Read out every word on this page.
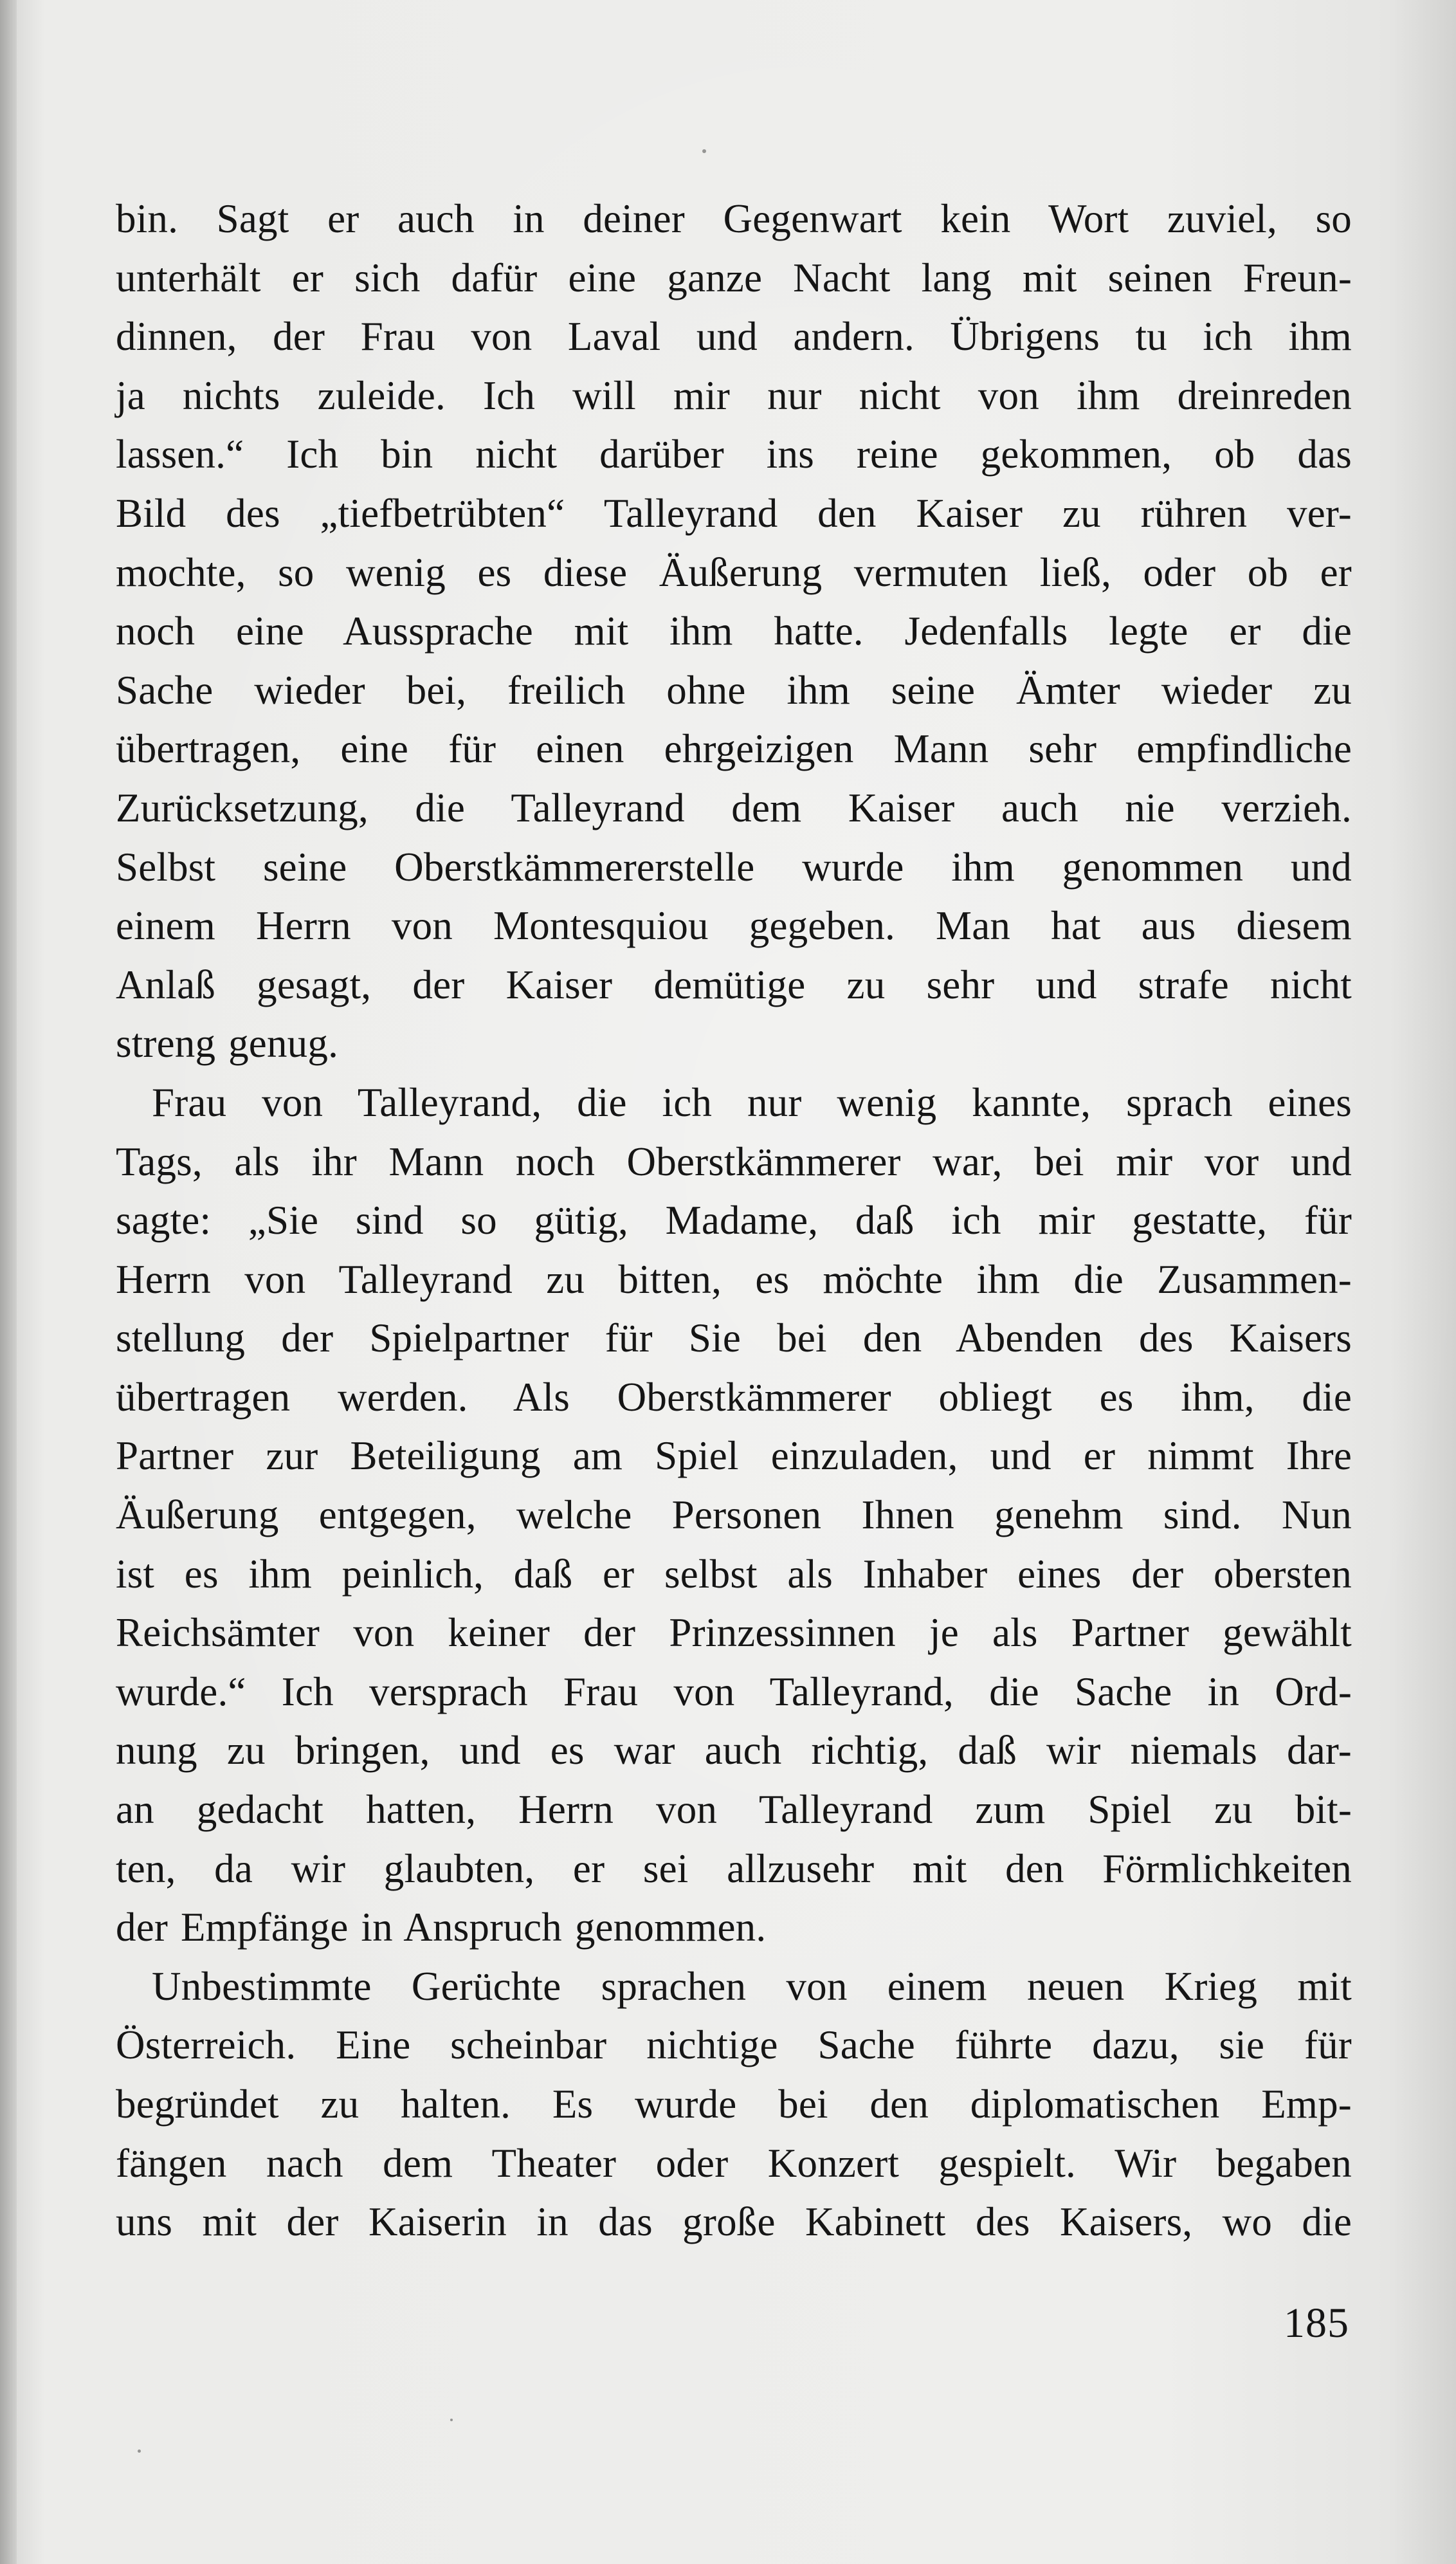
bin. Sagt er auch in deiner Gegenwart kein Wort zuviel, so
unterhält er sich dafür eine ganze Nacht lang mit seinen Freun-
dinnen, der Frau von Laval und andern. Übrigens tu ich ihm
ja nichts zuleide. Ich will mir nur nicht von ihm dreinreden
lassen.“ Ich bin nicht darüber ins reine gekommen, ob das
Bild des „tiefbetrübten“ Talleyrand den Kaiser zu rühren ver-
mochte, so wenig es diese Äußerung vermuten ließ, oder ob er
noch eine Aussprache mit ihm hatte. Jedenfalls legte er die
Sache wieder bei, freilich ohne ihm seine Ämter wieder zu
übertragen, eine für einen ehrgeizigen Mann sehr empfindliche
Zurücksetzung, die Talleyrand dem Kaiser auch nie verzieh.
Selbst seine Oberstkämmererstelle wurde ihm genommen und
einem Herrn von Montesquiou gegeben. Man hat aus diesem
Anlaß gesagt, der Kaiser demütige zu sehr und strafe nicht
streng genug.
Frau von Talleyrand, die ich nur wenig kannte, sprach eines
Tags, als ihr Mann noch Oberstkämmerer war, bei mir vor und
sagte: „Sie sind so gütig, Madame, daß ich mir gestatte, für
Herrn von Talleyrand zu bitten, es möchte ihm die Zusammen-
stellung der Spielpartner für Sie bei den Abenden des Kaisers
übertragen werden. Als Oberstkämmerer obliegt es ihm, die
Partner zur Beteiligung am Spiel einzuladen, und er nimmt Ihre
Äußerung entgegen, welche Personen Ihnen genehm sind. Nun
ist es ihm peinlich, daß er selbst als Inhaber eines der obersten
Reichsämter von keiner der Prinzessinnen je als Partner gewählt
wurde.“ Ich versprach Frau von Talleyrand, die Sache in Ord-
nung zu bringen, und es war auch richtig, daß wir niemals dar-
an gedacht hatten, Herrn von Talleyrand zum Spiel zu bit-
ten, da wir glaubten, er sei allzusehr mit den Förmlichkeiten
der Empfänge in Anspruch genommen.
Unbestimmte Gerüchte sprachen von einem neuen Krieg mit
Österreich. Eine scheinbar nichtige Sache führte dazu, sie für
begründet zu halten. Es wurde bei den diplomatischen Emp-
fängen nach dem Theater oder Konzert gespielt. Wir begaben
uns mit der Kaiserin in das große Kabinett des Kaisers, wo die
185
